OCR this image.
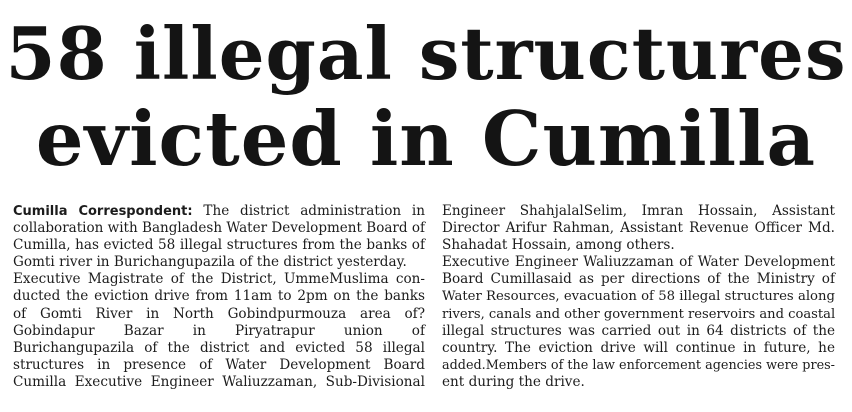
58 illegal structures
evicted in Cumilla
Cumilla Correspondent: The district administration in
collaboration with Bangladesh Water Development Board of
Cumilla, has evicted 58 illegal structures from the banks of
Gomti river in Burichangupazila of the district yesterday.
Executive Magistrate of the District, UmmeMuslima con-
ducted the eviction drive from 11am to 2pm on the banks
of Gomti River in North Gobindpurmouza area of?
Gobindapur Bazar in Piryatrapur union of
Burichangupazila of the district and evicted 58 illegal
structures in presence of Water Development Board
Cumilla Executive Engineer Waliuzzaman, Sub-Divisional
Engineer ShahjalalSelim, Imran Hossain, Assistant
Director Arifur Rahman, Assistant Revenue Officer Md.
Shahadat Hossain, among others.
Executive Engineer Waliuzzaman of Water Development
Board Cumillasaid as per directions of the Ministry of
Water Resources, evacuation of 58 illegal structures along
rivers, canals and other government reservoirs and coastal
illegal structures was carried out in 64 districts of the
country. The eviction drive will continue in future, he
added.Members of the law enforcement agencies were pres-
ent during the drive.
